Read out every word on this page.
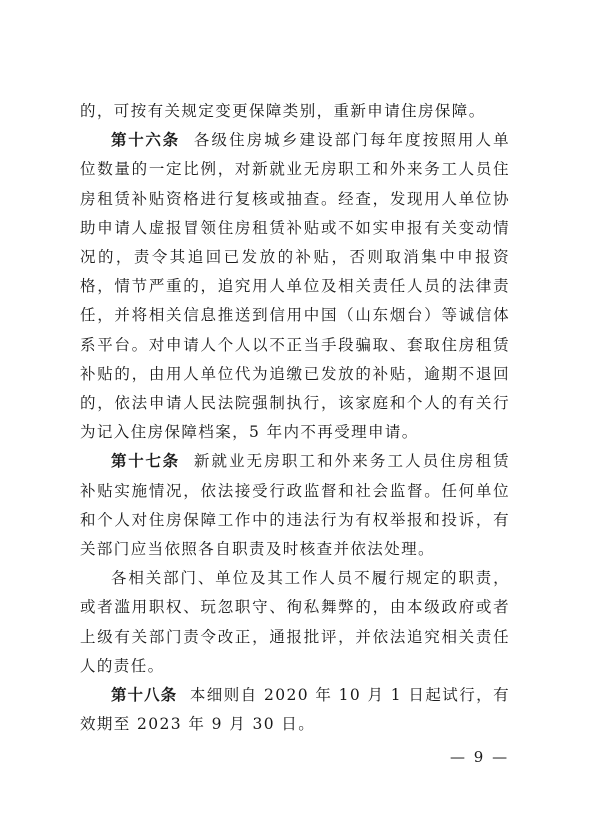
的，可按有关规定变更保障类别，重新申请住房保障。

第十六条 各级住房城乡建设部门每年度按照用人单位数量的一定比例，对新就业无房职工和外来务工人员住房租赁补贴资格进行复核或抽查。经查，发现用人单位协助申请人虚报冒领住房租赁补贴或不如实申报有关变动情况的，责令其追回已发放的补贴，否则取消集中申报资格，情节严重的，追究用人单位及相关责任人员的法律责任，并将相关信息推送到信用中国（山东烟台）等诚信体系平台。对申请人个人以不正当手段骗取、套取住房租赁补贴的，由用人单位代为追缴已发放的补贴，逾期不退回的，依法申请人民法院强制执行，该家庭和个人的有关行为记入住房保障档案，5 年内不再受理申请。

第十七条 新就业无房职工和外来务工人员住房租赁补贴实施情况，依法接受行政监督和社会监督。任何单位和个人对住房保障工作中的违法行为有权举报和投诉，有关部门应当依照各自职责及时核查并依法处理。

各相关部门、单位及其工作人员不履行规定的职责，或者滥用职权、玩忽职守、徇私舞弊的，由本级政府或者上级有关部门责令改正，通报批评，并依法追究相关责任人的责任。

第十八条 本细则自 2020 年 10 月 1 日起试行，有效期至 2023 年 9 月 30 日。

— 9 —
